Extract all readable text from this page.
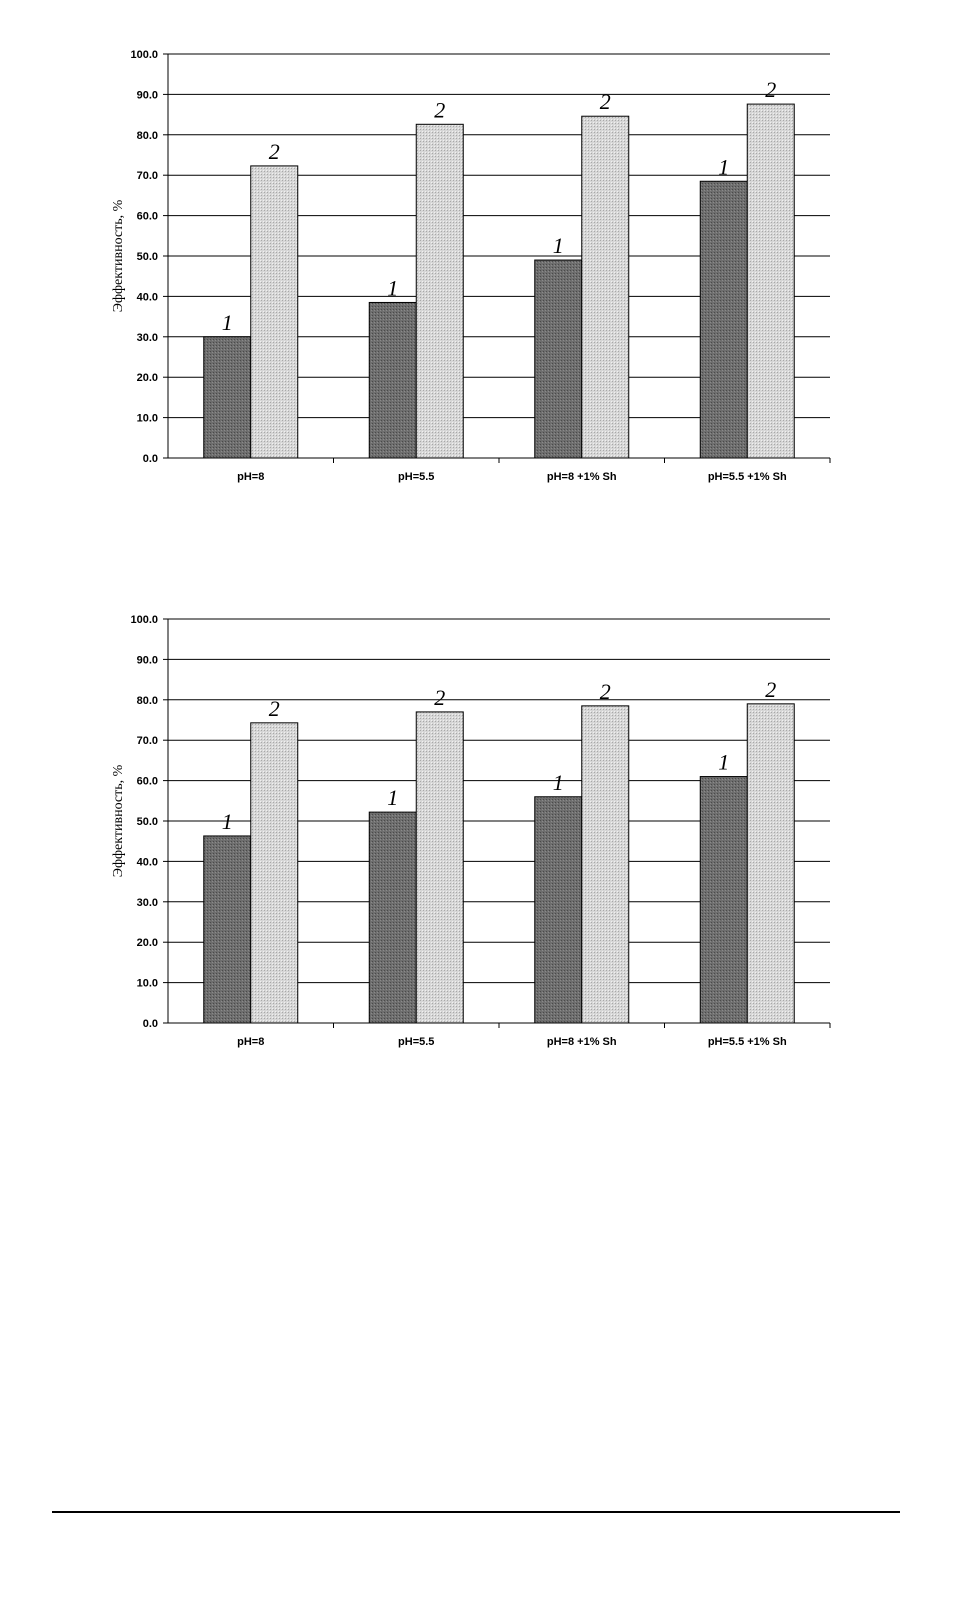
0.0
10.0
20.0
30.0
40.0
50.0
60.0
70.0
80.0
90.0
100.0
Эффективность, %
1
2
pH=8
1
2
pH=5.5
1
2
pH=8 +1% Sh
1
2
pH=5.5 +1% Sh
0.0
10.0
20.0
30.0
40.0
50.0
60.0
70.0
80.0
90.0
100.0
Эффективность, %	1
2
pH=8
1
2
pH=5.5
1
2
pH=8 +1% Sh
1
2
pH=5.5 +1% Sh
